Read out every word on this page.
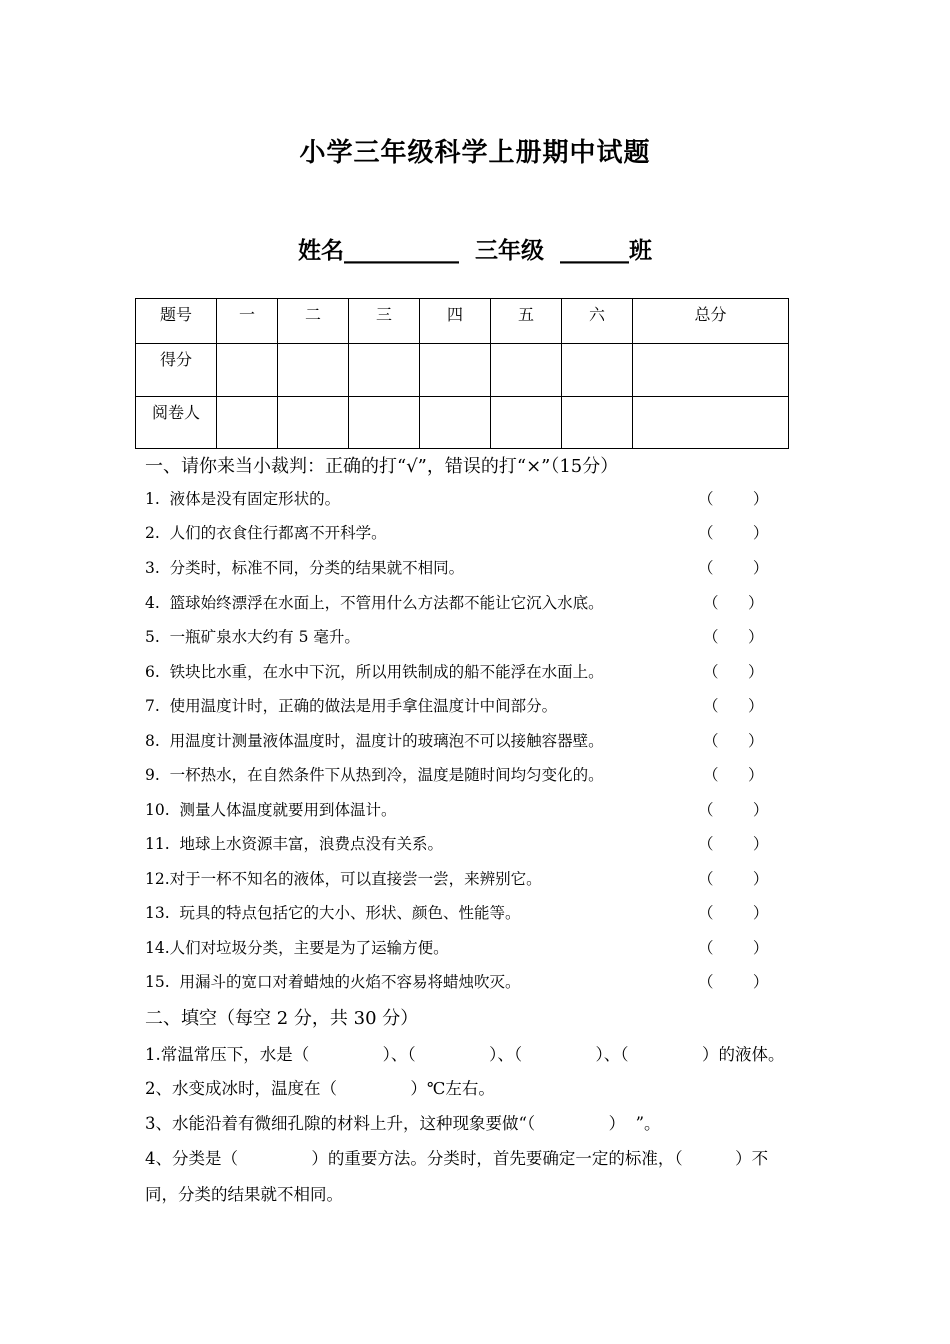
小学三年级科学上册期中试题
姓名__________  三年级  ______班
题号	一	二	三	四	五	六	总分
得分							
阅卷人							
一、请你来当小裁判：正确的打“√”，错误的打“×”（15分）
1.  液体是没有固定形状的。	（        ）
2.  人们的衣食住行都离不开科学。	（        ）
3.  分类时，标准不同，分类的结果就不相同。	（        ）
4.  篮球始终漂浮在水面上，不管用什么方法都不能让它沉入水底。	（      ）
5.  一瓶矿泉水大约有 5 毫升。	（      ）
6.  铁块比水重，在水中下沉，所以用铁制成的船不能浮在水面上。	（      ）
7.  使用温度计时，正确的做法是用手拿住温度计中间部分。	（      ）
8.  用温度计测量液体温度时，温度计的玻璃泡不可以接触容器壁。	（      ）
9.  一杯热水，在自然条件下从热到冷，温度是随时间均匀变化的。	（      ）
10.  测量人体温度就要用到体温计。	（        ）
11.  地球上水资源丰富，浪费点没有关系。	（        ）
12.对于一杯不知名的液体，可以直接尝一尝，来辨别它。	（        ）
13.  玩具的特点包括它的大小、形状、颜色、性能等。	（        ）
14.人们对垃圾分类，主要是为了运输方便。	（        ）
15.  用漏斗的宽口对着蜡烛的火焰不容易将蜡烛吹灭。	（        ）
二、填空（每空 2 分，共 30 分）
1.常温常压下，水是（              ）、（              ）、（              ）、（              ）的液体。
2、水变成冰时，温度在（              ）℃左右。
3、水能沿着有微细孔隙的材料上升，这种现象要做“（              ）  ”。
4、分类是（              ）的重要方法。分类时，首先要确定一定的标准，（          ）不
同，分类的结果就不相同。
